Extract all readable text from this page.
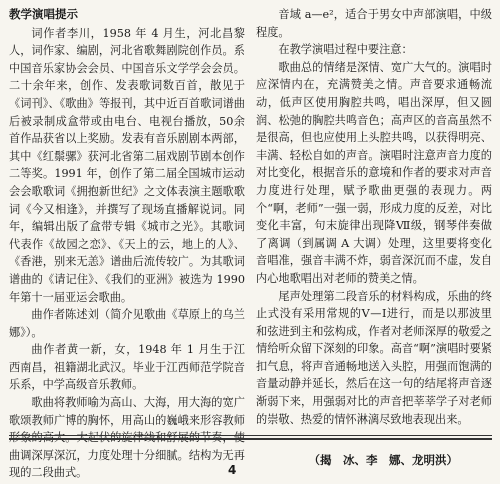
教学演唱提示

词作者李川，1958 年 4 月生，河北昌黎人，词作家、编剧，河北省歌舞剧院创作员。系中国音乐家协会会员、中国音乐文学学会会员。二十余年来，创作、发表歌词数百首，散见于《词刊》、《歌曲》等报刊，其中近百首歌词谱曲后被录制成盒带或由电台、电视台播放，50余首作品获省以上奖励。发表有音乐剧剧本两部，其中《红鬃骡》获河北省第二届戏剧节剧本创作二等奖。1991 年，创作了第二届全国城市运动会会歌歌词《拥抱新世纪》之文体表演主题歌歌词《今又相逢》，并撰写了现场直播解说词。同年，编辑出版了盒带专辑《城市之光》。其歌词代表作《故园之恋》、《天上的云，地上的人》、《香港，别来无恙》谱曲后流传较广。为其歌词谱曲的《请记住》、《我们的亚洲》被选为 1990 年第十一届亚运会歌曲。

曲作者陈述刘（简介见歌曲《草原上的乌兰娜》）。

曲作者黄一新，女，1948 年 1 月生于江西南昌，祖籍湖北武汉。毕业于江西师范学院音乐系，中学高级音乐教师。

歌曲将教师喻为高山、大海，用大海的宽广歌颂教师广博的胸怀，用高山的巍峨来形容教师形象的高大。大起伏的旋律线和舒展的节奏，使曲调深厚深沉，力度处理十分细腻。结构为无再现的二段曲式。

音域 a—e²，适合于男女中声部演唱，中级程度。

在教学演唱过程中要注意：

歌曲总的情绪是深情、宽广大气的。演唱时应深情内在，充满赞美之情。声音要求通畅流动，低声区使用胸腔共鸣，唱出深厚，但又圆润、松弛的胸腔共鸣音色；高声区的音高虽然不是很高，但也应使用上头腔共鸣，以获得明亮、丰满、轻松自如的声音。演唱时注意声音力度的对比变化，根据音乐的意境和作者的要求对声音力度进行处理，赋予歌曲更强的表现力。两个“啊，老师”一强一弱，形成力度的反差，对比变化丰富，句末旋律出现降Ⅶ级，钢琴伴奏做了离调（到属调 A 大调）处理，这里要将变化音唱准，强音丰满不炸，弱音深沉而不虚，发自内心地歌唱出对老师的赞美之情。

尾声处理第二段音乐的材料构成，乐曲的终止式没有采用常规的Ⅴ—Ⅰ进行，而是以那波里和弦进到主和弦构成，作者对老师深厚的敬爱之情给听众留下深刻的印象。高音“啊”演唱时要紧扣气息，将声音通畅地送入头腔，用强而饱满的音量动静并延长，然后在这一句的结尾将声音逐渐弱下来，用强弱对比的声音把莘莘学子对老师的崇敬、热爱的情怀淋漓尽致地表现出来。

（揭　冰、李　娜、龙明洪）
4
